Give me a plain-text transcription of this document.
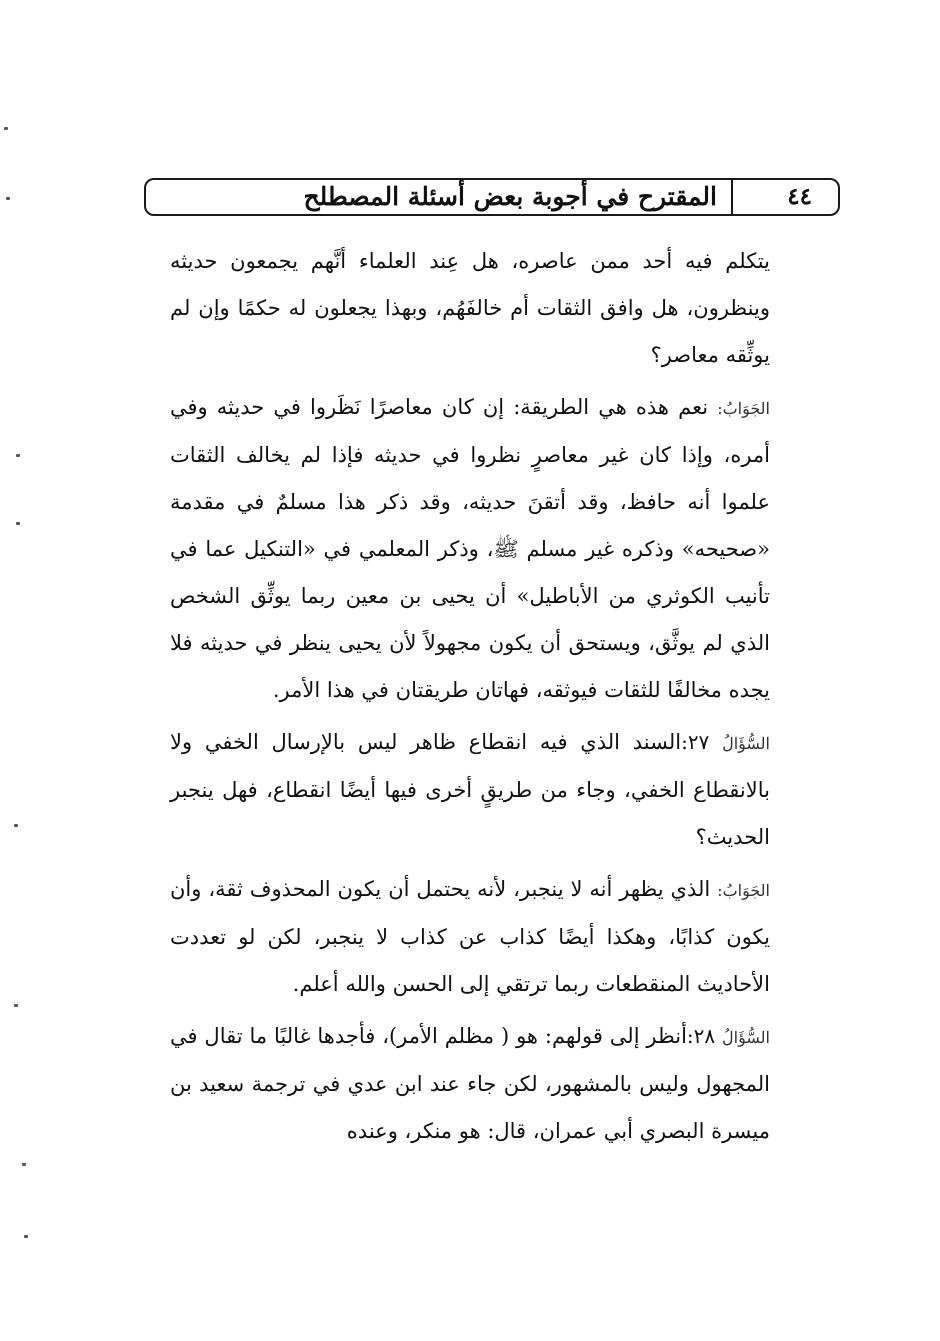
المقترح في أجوبة بعض أسئلة المصطلح	٤٤

يتكلم فيه أحد ممن عاصره، هل عِند العلماء أنَّهم يجمعون حديثه وينظرون، هل وافق الثقات أم خالفَهُم، وبهذا يجعلون له حكمًا وإن لم يوثِّقه معاصر؟

الجَوَابُ: نعم هذه هي الطريقة: إن كان معاصرًا نَظَروا في حديثه وفي أمره، وإذا كان غير معاصرٍ نظروا في حديثه فإذا لم يخالف الثقات علموا أنه حافظ، وقد أتقنَ حديثه، وقد ذكر هذا مسلمٌ في مقدمة «صحيحه» وذكره غير مسلم ﷺ، وذكر المعلمي في «التنكيل عما في تأنيب الكوثري من الأباطيل» أن يحيى بن معين ربما يوثِّق الشخص الذي لم يوثَّق، ويستحق أن يكون مجهولاً لأن يحيى ينظر في حديثه فلا يجده مخالفًا للثقات فيوثقه، فهاتان طريقتان في هذا الأمر.

السُّؤَالُ ٢٧:السند الذي فيه انقطاع ظاهر ليس بالإرسال الخفي ولا بالانقطاع الخفي، وجاء من طريقٍ أخرى فيها أيضًا انقطاع، فهل ينجبر الحديث؟

الجَوَابُ: الذي يظهر أنه لا ينجبر، لأنه يحتمل أن يكون المحذوف ثقة، وأن يكون كذابًا، وهكذا أيضًا كذاب عن كذاب لا ينجبر، لكن لو تعددت الأحاديث المنقطعات ربما ترتقي إلى الحسن والله أعلم.

السُّؤَالُ ٢٨:أنظر إلى قولهم: هو ( مظلم الأمر)، فأجدها غالبًا ما تقال في المجهول وليس بالمشهور، لكن جاء عند ابن عدي في ترجمة سعيد بن ميسرة البصري أبي عمران، قال: هو منكر، وعنده
